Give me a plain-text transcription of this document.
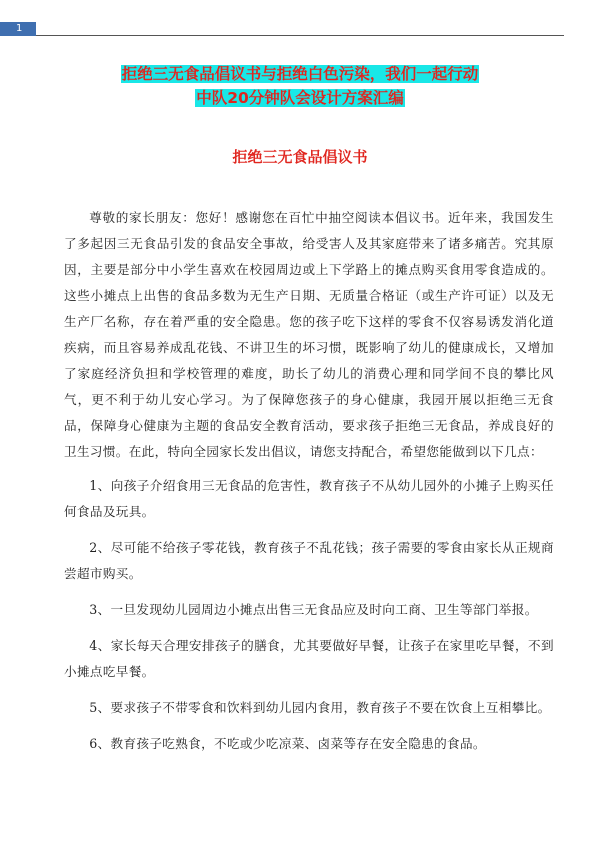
1
拒绝三无食品倡议书与拒绝白色污染，我们一起行动
中队20分钟队会设计方案汇编
拒绝三无食品倡议书

尊敬的家长朋友：您好！感谢您在百忙中抽空阅读本倡议书。近年来，我国发生了多起因三无食品引发的食品安全事故，给受害人及其家庭带来了诸多痛苦。究其原因，主要是部分中小学生喜欢在校园周边或上下学路上的摊点购买食用零食造成的。这些小摊点上出售的食品多数为无生产日期、无质量合格证（或生产许可证）以及无生产厂名称，存在着严重的安全隐患。您的孩子吃下这样的零食不仅容易诱发消化道疾病，而且容易养成乱花钱、不讲卫生的坏习惯，既影响了幼儿的健康成长，又增加了家庭经济负担和学校管理的难度，助长了幼儿的消费心理和同学间不良的攀比风气，更不利于幼儿安心学习。为了保障您孩子的身心健康，我园开展以拒绝三无食品，保障身心健康为主题的食品安全教育活动，要求孩子拒绝三无食品，养成良好的卫生习惯。在此，特向全园家长发出倡议，请您支持配合，希望您能做到以下几点：

1、向孩子介绍食用三无食品的危害性，教育孩子不从幼儿园外的小摊子上购买任何食品及玩具。

2、尽可能不给孩子零花钱，教育孩子不乱花钱；孩子需要的零食由家长从正规商尝超市购买。

3、一旦发现幼儿园周边小摊点出售三无食品应及时向工商、卫生等部门举报。

4、家长每天合理安排孩子的膳食，尤其要做好早餐，让孩子在家里吃早餐，不到小摊点吃早餐。

5、要求孩子不带零食和饮料到幼儿园内食用，教育孩子不要在饮食上互相攀比。

6、教育孩子吃熟食，不吃或少吃凉菜、卤菜等存在安全隐患的食品。
